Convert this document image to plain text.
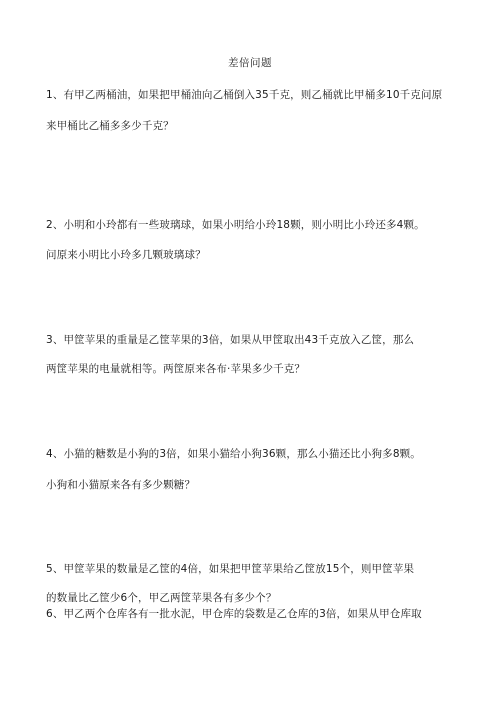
差倍问题
1、有甲乙两桶油，如果把甲桶油向乙桶倒入35千克，则乙桶就比甲桶多10千克问原
来甲桶比乙桶多多少千克？
2、小明和小玲都有一些玻璃球，如果小明给小玲18颗，则小明比小玲还多4颗。
问原来小明比小玲多几颗玻璃球？
3、甲筐苹果的重量是乙筐苹果的3倍，如果从甲筐取出43千克放入乙筐，那么
两筐苹果的电量就相等。两筐原来各布·苹果多少千克？
4、小猫的糖数是小狗的3倍，如果小猫给小狗36颗，那么小猫还比小狗多8颗。
小狗和小猫原来各有多少颗糖？
5、甲筐苹果的数量是乙筐的4倍，如果把甲筐苹果给乙筐放15个，则甲筐苹果
的数量比乙筐少6个，甲乙两筐苹果各有多少个？
6、甲乙两个仓库各有一批水泥，甲仓库的袋数是乙仓库的3倍，如果从甲仓库取
